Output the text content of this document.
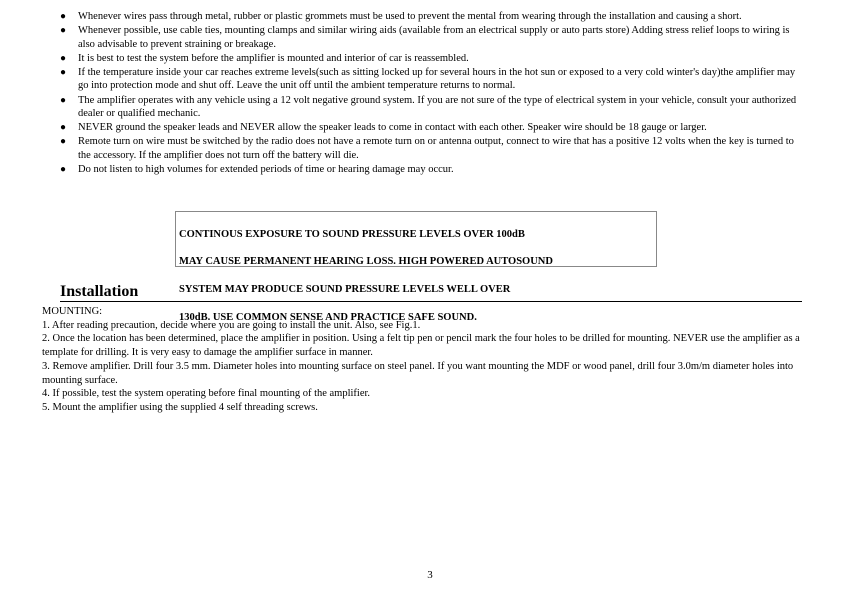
● Whenever wires pass through metal, rubber or plastic grommets must be used to prevent the mental from wearing through the installation and causing a short.
● Whenever possible, use cable ties, mounting clamps and similar wiring aids (available from an electrical supply or auto parts store) Adding stress relief loops to wiring is also advisable to prevent straining or breakage.
● It is best to test the system before the amplifier is mounted and interior of car is reassembled.
● If the temperature inside your car reaches extreme levels(such as sitting locked up for several hours in the hot sun or exposed to a very cold winter's day)the amplifier may go into protection mode and shut off. Leave the unit off until the ambient temperature returns to normal.
● The amplifier operates with any vehicle using a 12 volt negative ground system. If you are not sure of the type of electrical system in your vehicle, consult your authorized dealer or qualified mechanic.
● NEVER ground the speaker leads and NEVER allow the speaker leads to come in contact with each other. Speaker wire should be 18 gauge or larger.
● Remote turn on wire must be switched by the radio does not have a remote turn on or antenna output, connect to wire that has a positive 12 volts when the key is turned to the accessory. If the amplifier does not turn off the battery will die.
● Do not listen to high volumes for extended periods of time or hearing damage may occur.

CONTINOUS EXPOSURE TO SOUND PRESSURE LEVELS OVER 100dB

MAY CAUSE PERMANENT HEARING LOSS. HIGH POWERED AUTOSOUND

SYSTEM MAY PRODUCE SOUND PRESSURE LEVELS WELL OVER

130dB. USE COMMON SENSE AND PRACTICE SAFE SOUND.

Installation

MOUNTING:

1. After reading precaution, decide where you are going to install the unit. Also, see Fig.1.

2. Once the location has been determined, place the amplifier in position. Using a felt tip pen or pencil mark the four holes to be drilled for mounting. NEVER use the amplifier as a template for drilling. It is very easy to damage the amplifier surface in manner.

3. Remove amplifier. Drill four 3.5 mm. Diameter holes into mounting surface on steel panel. If you want mounting the MDF or wood panel, drill four 3.0m/m diameter holes into mounting surface.

4. If possible, test the system operating before final mounting of the amplifier.

5. Mount the amplifier using the supplied 4 self threading screws.

3
